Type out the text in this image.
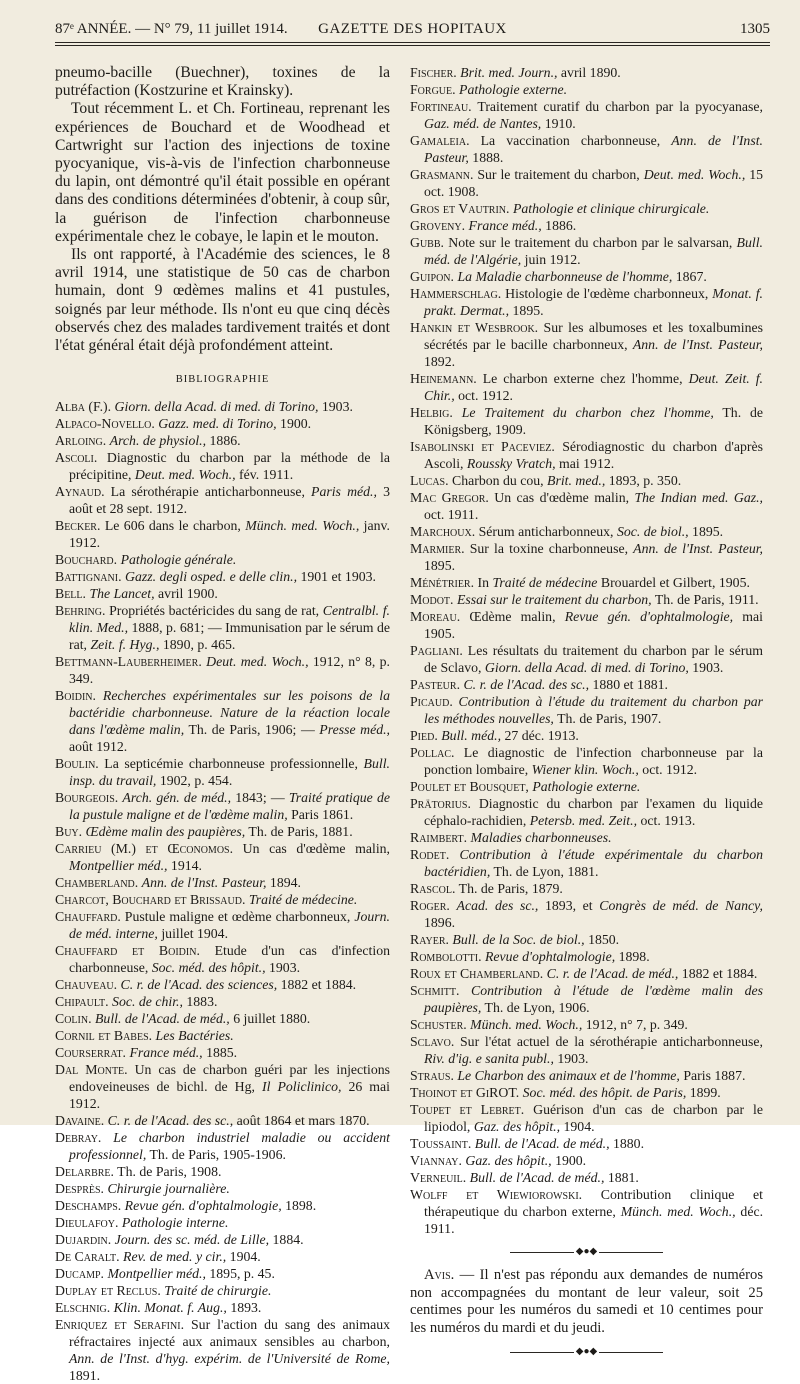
87ᵉ ANNÉE. — N° 79, 11 juillet 1914.	GAZETTE DES HOPITAUX	1305

pneumo-bacille (Buechner), toxines de la putréfaction (Kostzurine et Krainsky).

Tout récemment L. et Ch. Fortineau, reprenant les expériences de Bouchard et de Woodhead et Cartwright sur l'action des injections de toxine pyocyanique, vis-à-vis de l'infection charbonneuse du lapin, ont démontré qu'il était possible en opérant dans des conditions déterminées d'obtenir, à coup sûr, la guérison de l'infection charbonneuse expérimentale chez le cobaye, le lapin et le mouton.

Ils ont rapporté, à l'Académie des sciences, le 8 avril 1914, une statistique de 50 cas de charbon humain, dont 9 œdèmes malins et 41 pustules, soignés par leur méthode. Ils n'ont eu que cinq décès observés chez des malades tardivement traités et dont l'état général était déjà profondément atteint.

BIBLIOGRAPHIE

Alba (F.). Giorn. della Acad. di med. di Torino, 1903.

Alpaco-Novello. Gazz. med. di Torino, 1900.

Arloing. Arch. de physiol., 1886.

Ascoli. Diagnostic du charbon par la méthode de la précipitine, Deut. med. Woch., fév. 1911.

Aynaud. La sérothérapie anticharbonneuse, Paris méd., 3 août et 28 sept. 1912.

Becker. Le 606 dans le charbon, Münch. med. Woch., janv. 1912.

Bouchard. Pathologie générale.

Battignani. Gazz. degli osped. e delle clin., 1901 et 1903.

Bell. The Lancet, avril 1900.

Behring. Propriétés bactéricides du sang de rat, Centralbl. f. klin. Med., 1888, p. 681; — Immunisation par le sérum de rat, Zeit. f. Hyg., 1890, p. 465.

Bettmann-Lauberheimer. Deut. med. Woch., 1912, n° 8, p. 349.

Boidin. Recherches expérimentales sur les poisons de la bactéridie charbonneuse. Nature de la réaction locale dans l'œdème malin, Th. de Paris, 1906; — Presse méd., août 1912.

Boulin. La septicémie charbonneuse professionnelle, Bull. insp. du travail, 1902, p. 454.

Bourgeois. Arch. gén. de méd., 1843; — Traité pratique de la pustule maligne et de l'œdème malin, Paris 1861.

Buy. Œdème malin des paupières, Th. de Paris, 1881.

Carrieu (M.) et Œconomos. Un cas d'œdème malin, Montpellier méd., 1914.

Chamberland. Ann. de l'Inst. Pasteur, 1894.

Charcot, Bouchard et Brissaud. Traité de médecine.

Chauffard. Pustule maligne et œdème charbonneux, Journ. de méd. interne, juillet 1904.

Chauffard et Boidin. Etude d'un cas d'infection charbonneuse, Soc. méd. des hôpit., 1903.

Chauveau. C. r. de l'Acad. des sciences, 1882 et 1884.

Chipault. Soc. de chir., 1883.

Colin. Bull. de l'Acad. de méd., 6 juillet 1880.

Cornil et Babes. Les Bactéries.

Courserrat. France méd., 1885.

Dal Monte. Un cas de charbon guéri par les injections endoveineuses de bichl. de Hg, Il Policlinico, 26 mai 1912.

Davaine. C. r. de l'Acad. des sc., août 1864 et mars 1870.

Debray. Le charbon industriel maladie ou accident professionnel, Th. de Paris, 1905-1906.

Delarbre. Th. de Paris, 1908.

Desprès. Chirurgie journalière.

Deschamps. Revue gén. d'ophtalmologie, 1898.

Dieulafoy. Pathologie interne.

Dujardin. Journ. des sc. méd. de Lille, 1884.

De Caralt. Rev. de med. y cir., 1904.

Ducamp. Montpellier méd., 1895, p. 45.

Duplay et Reclus. Traité de chirurgie.

Elschnig. Klin. Monat. f. Aug., 1893.

Enriquez et Serafini. Sur l'action du sang des animaux réfractaires injecté aux animaux sensibles au charbon, Ann. de l'Inst. d'hyg. expérim. de l'Université de Rome, 1891.

Fischer. Brit. med. Journ., avril 1890.

Forgue. Pathologie externe.

Fortineau. Traitement curatif du charbon par la pyocyanase, Gaz. méd. de Nantes, 1910.

Gamaleia. La vaccination charbonneuse, Ann. de l'Inst. Pasteur, 1888.

Grasmann. Sur le traitement du charbon, Deut. med. Woch., 15 oct. 1908.

Gros et Vautrin. Pathologie et clinique chirurgicale.

Groveny. France méd., 1886.

Gubb. Note sur le traitement du charbon par le salvarsan, Bull. méd. de l'Algérie, juin 1912.

Guipon. La Maladie charbonneuse de l'homme, 1867.

Hammerschlag. Histologie de l'œdème charbonneux, Monat. f. prakt. Dermat., 1895.

Hankin et Wesbrook. Sur les albumoses et les toxalbumines sécrétés par le bacille charbonneux, Ann. de l'Inst. Pasteur, 1892.

Heinemann. Le charbon externe chez l'homme, Deut. Zeit. f. Chir., oct. 1912.

Helbig. Le Traitement du charbon chez l'homme, Th. de Königsberg, 1909.

Isabolinski et Paceviez. Sérodiagnostic du charbon d'après Ascoli, Roussky Vratch, mai 1912.

Lucas. Charbon du cou, Brit. med., 1893, p. 350.

Mac Gregor. Un cas d'œdème malin, The Indian med. Gaz., oct. 1911.

Marchoux. Sérum anticharbonneux, Soc. de biol., 1895.

Marmier. Sur la toxine charbonneuse, Ann. de l'Inst. Pasteur, 1895.

Ménétrier. In Traité de médecine Brouardel et Gilbert, 1905.

Modot. Essai sur le traitement du charbon, Th. de Paris, 1911.

Moreau. Œdème malin, Revue gén. d'ophtalmologie, mai 1905.

Pagliani. Les résultats du traitement du charbon par le sérum de Sclavo, Giorn. della Acad. di med. di Torino, 1903.

Pasteur. C. r. de l'Acad. des sc., 1880 et 1881.

Picaud. Contribution à l'étude du traitement du charbon par les méthodes nouvelles, Th. de Paris, 1907.

Pied. Bull. méd., 27 déc. 1913.

Pollac. Le diagnostic de l'infection charbonneuse par la ponction lombaire, Wiener klin. Woch., oct. 1912.

Poulet et Bousquet, Pathologie externe.

Prätorius. Diagnostic du charbon par l'examen du liquide céphalo-rachidien, Petersb. med. Zeit., oct. 1913.

Raimbert. Maladies charbonneuses.

Rodet. Contribution à l'étude expérimentale du charbon bactéridien, Th. de Lyon, 1881.

Rascol. Th. de Paris, 1879.

Roger. Acad. des sc., 1893, et Congrès de méd. de Nancy, 1896.

Rayer. Bull. de la Soc. de biol., 1850.

Rombolotti. Revue d'ophtalmologie, 1898.

Roux et Chamberland. C. r. de l'Acad. de méd., 1882 et 1884.

Schmitt. Contribution à l'étude de l'œdème malin des paupières, Th. de Lyon, 1906.

Schuster. Münch. med. Woch., 1912, n° 7, p. 349.

Sclavo. Sur l'état actuel de la sérothérapie anticharbonneuse, Riv. d'ig. e sanita publ., 1903.

Straus. Le Charbon des animaux et de l'homme, Paris 1887.

Thoinot et GiROT. Soc. méd. des hôpit. de Paris, 1899.

Toupet et Lebret. Guérison d'un cas de charbon par le lipiodol, Gaz. des hôpit., 1904.

Toussaint. Bull. de l'Acad. de méd., 1880.

Viannay. Gaz. des hôpit., 1900.

Verneuil. Bull. de l'Acad. de méd., 1881.

Wolff et Wiewiorowski. Contribution clinique et thérapeutique du charbon externe, Münch. med. Woch., déc. 1911.

◆●◆

Avis. — Il n'est pas répondu aux demandes de numéros non accompagnées du montant de leur valeur, soit 25 centimes pour les numéros du samedi et 10 centimes pour les numéros du mardi et du jeudi.

◆●◆
